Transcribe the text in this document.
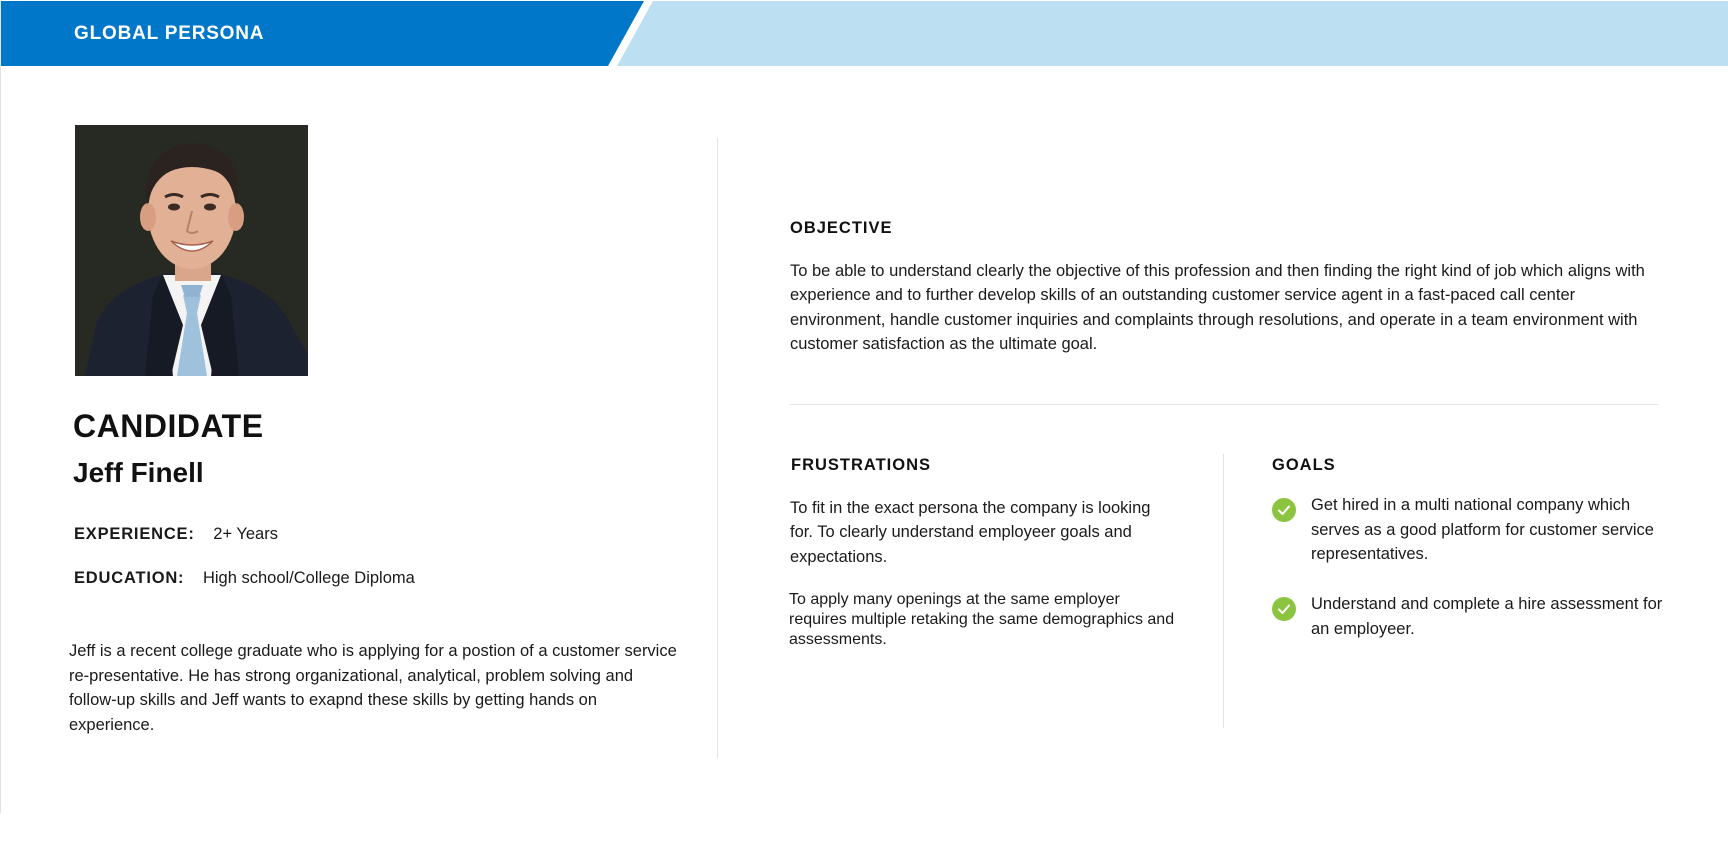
GLOBAL PERSONA
CANDIDATE
Jeff Finell
EXPERIENCE: 2+ Years
EDUCATION: High school/College Diploma
Jeff is a recent college graduate who is applying for a postion of a customer service re-presentative. He has strong organizational, analytical, problem solving and follow-up skills and Jeff wants to exapnd these skills by getting hands on experience.
OBJECTIVE
To be able to understand clearly the objective of this profession and then finding the right kind of job which aligns with experience and to further develop skills of an outstanding customer service agent in a fast-paced call center environment, handle customer inquiries and complaints through resolutions, and operate in a team environment with customer satisfaction as the ultimate goal.
FRUSTRATIONS
To fit in the exact persona the company is looking for. To clearly understand employeer goals and expectations.
To apply many openings at the same employer requires multiple retaking the same demographics and assessments.
GOALS
Get hired in a multi national company which serves as a good platform for customer service representatives.
Understand and complete a hire assessment for an employeer.
